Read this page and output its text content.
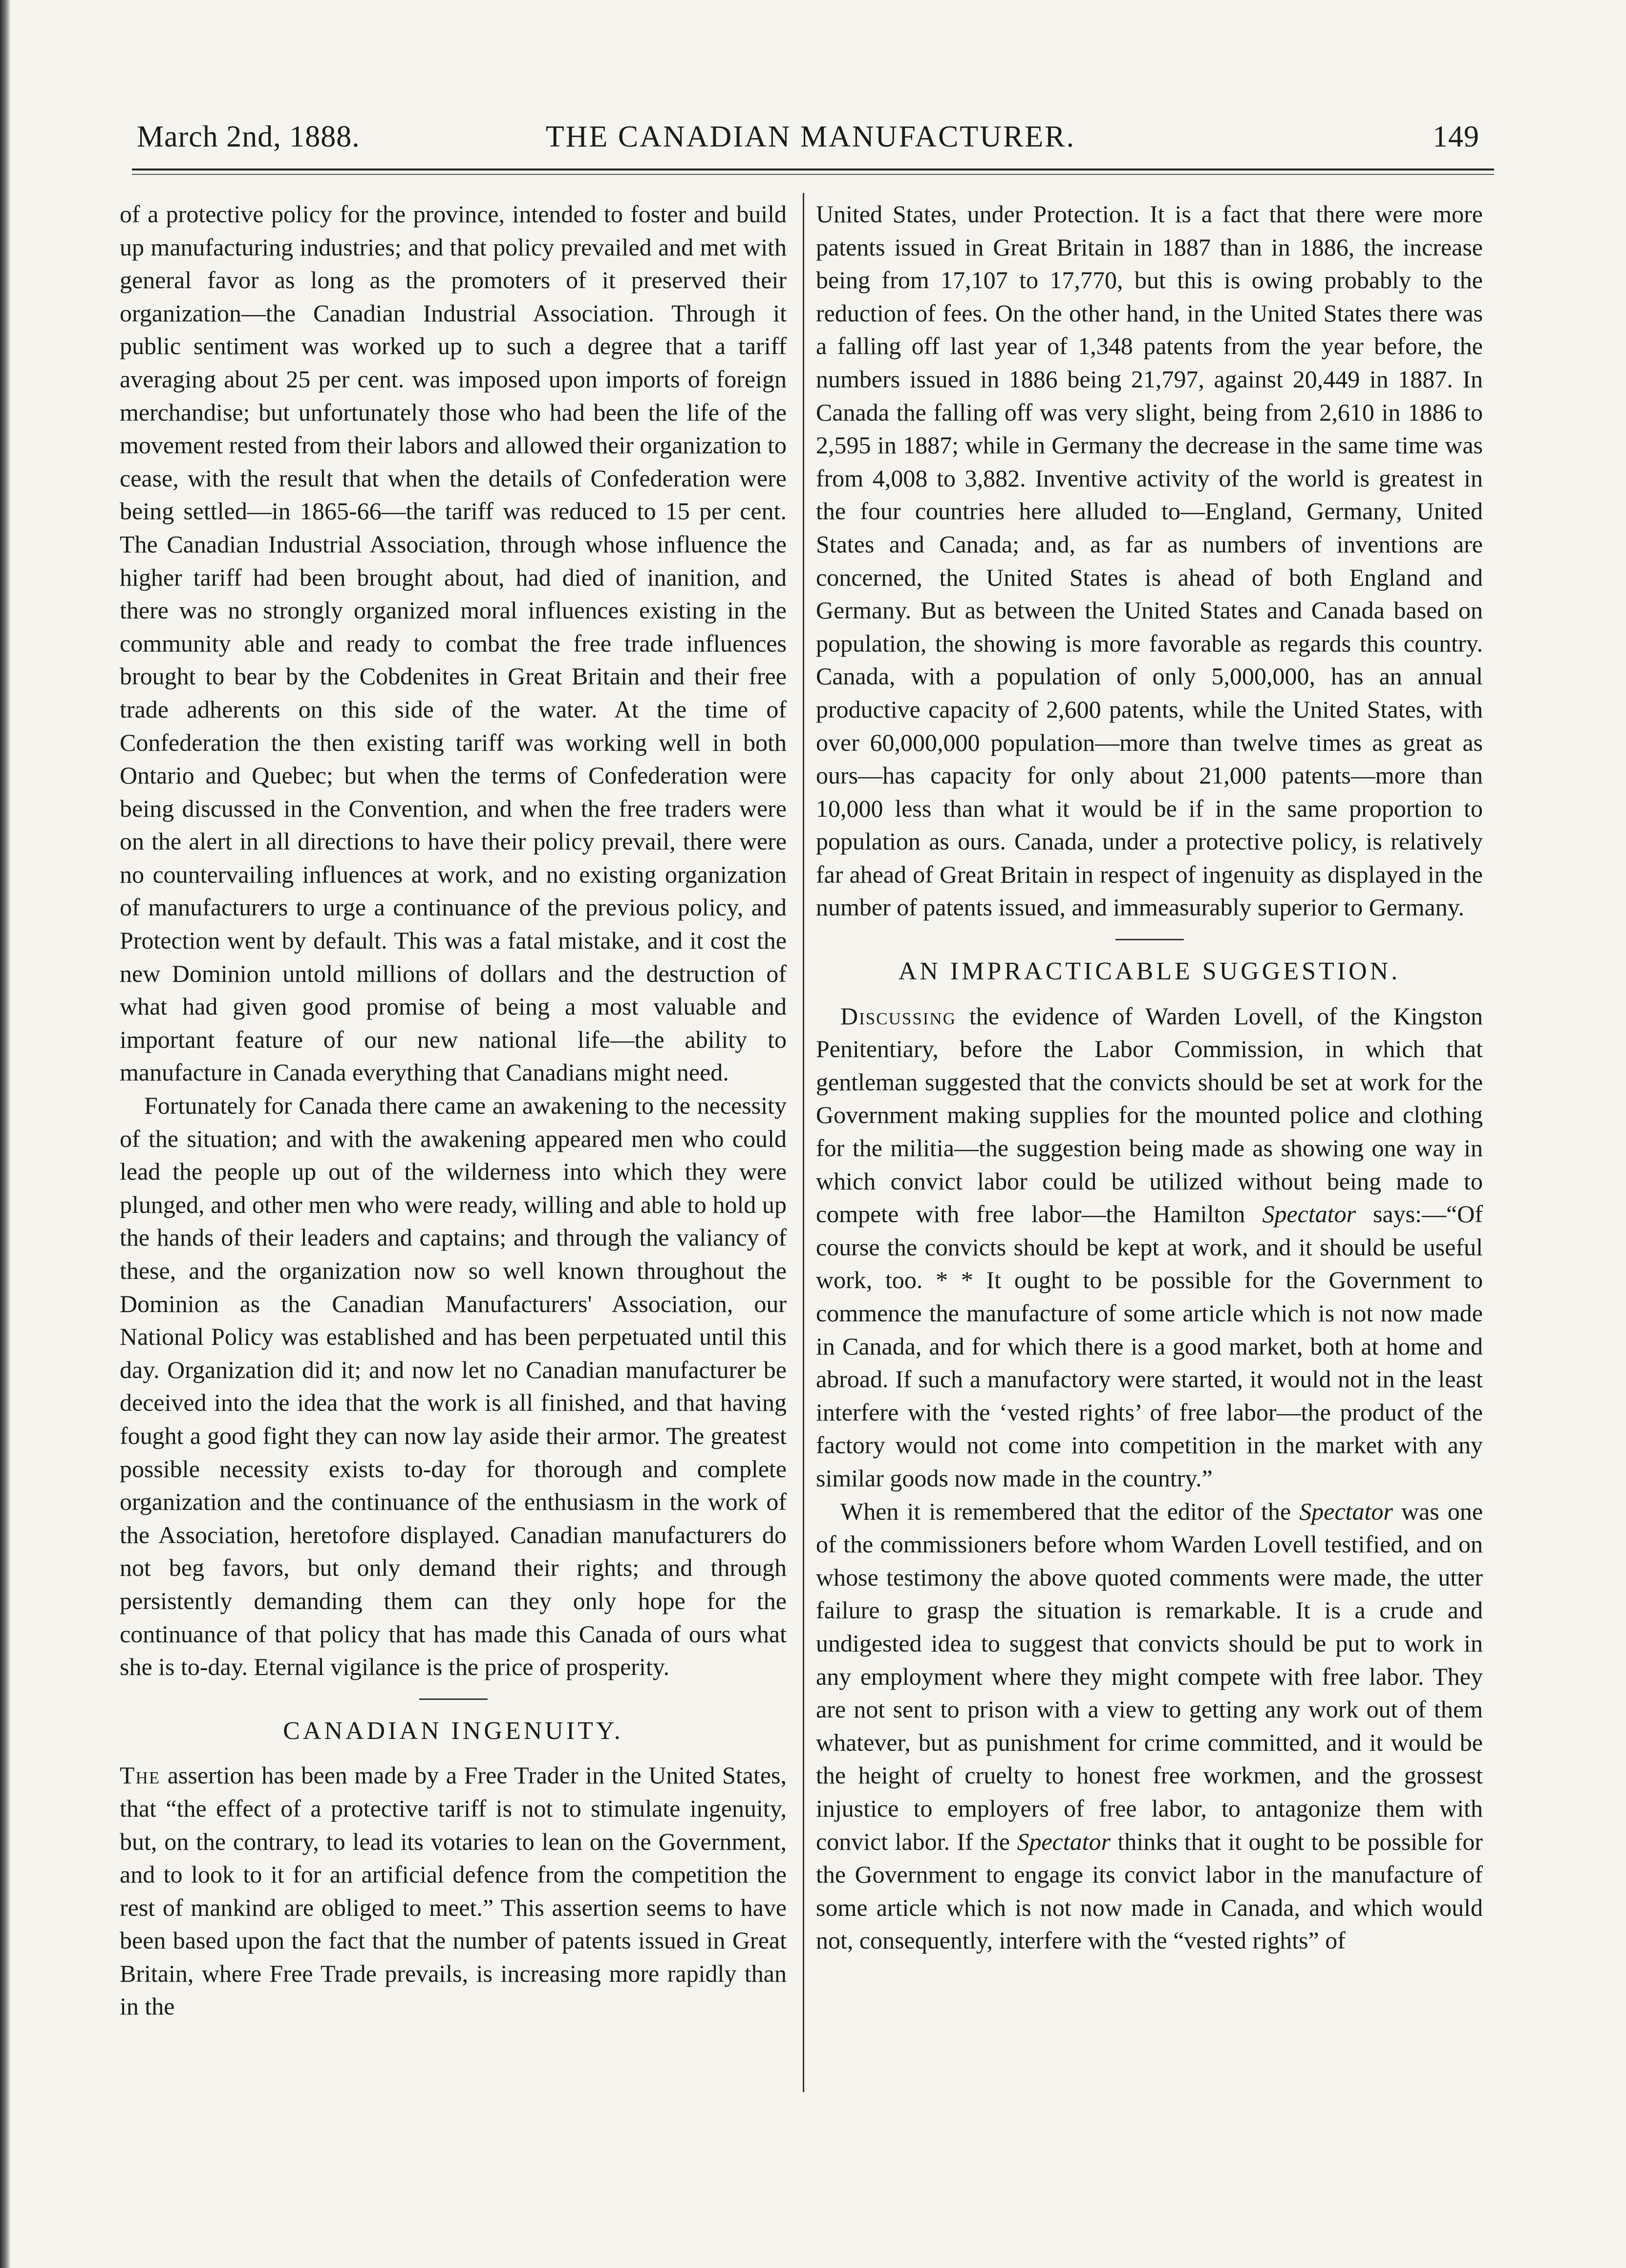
March 2nd, 1888.	THE CANADIAN MANUFACTURER.	149

of a protective policy for the province, intended to foster and build up manufacturing industries; and that policy prevailed and met with general favor as long as the promoters of it preserved their organization—the Canadian Industrial Association. Through it public sentiment was worked up to such a degree that a tariff averaging about 25 per cent. was imposed upon imports of foreign merchandise; but unfortunately those who had been the life of the movement rested from their labors and allowed their organization to cease, with the result that when the details of Confederation were being settled—in 1865-66—the tariff was reduced to 15 per cent. The Canadian Industrial Association, through whose influence the higher tariff had been brought about, had died of inanition, and there was no strongly organized moral influences existing in the community able and ready to combat the free trade influences brought to bear by the Cobdenites in Great Britain and their free trade adherents on this side of the water. At the time of Confederation the then existing tariff was working well in both Ontario and Quebec; but when the terms of Confederation were being discussed in the Convention, and when the free traders were on the alert in all directions to have their policy prevail, there were no countervailing influences at work, and no existing organization of manufacturers to urge a continuance of the previous policy, and Protection went by default. This was a fatal mistake, and it cost the new Dominion untold millions of dollars and the destruction of what had given good promise of being a most valuable and important feature of our new national life—the ability to manufacture in Canada everything that Canadians might need.

Fortunately for Canada there came an awakening to the necessity of the situation; and with the awakening appeared men who could lead the people up out of the wilderness into which they were plunged, and other men who were ready, willing and able to hold up the hands of their leaders and captains; and through the valiancy of these, and the organization now so well known throughout the Dominion as the Canadian Manufacturers' Association, our National Policy was established and has been perpetuated until this day. Organization did it; and now let no Canadian manufacturer be deceived into the idea that the work is all finished, and that having fought a good fight they can now lay aside their armor. The greatest possible necessity exists to-day for thorough and complete organization and the continuance of the enthusiasm in the work of the Association, heretofore displayed. Canadian manufacturers do not beg favors, but only demand their rights; and through persistently demanding them can they only hope for the continuance of that policy that has made this Canada of ours what she is to-day. Eternal vigilance is the price of prosperity.

CANADIAN INGENUITY.

The assertion has been made by a Free Trader in the United States, that “the effect of a protective tariff is not to stimulate ingenuity, but, on the contrary, to lead its votaries to lean on the Government, and to look to it for an artificial defence from the competition the rest of mankind are obliged to meet.” This assertion seems to have been based upon the fact that the number of patents issued in Great Britain, where Free Trade prevails, is increasing more rapidly than in the

United States, under Protection. It is a fact that there were more patents issued in Great Britain in 1887 than in 1886, the increase being from 17,107 to 17,770, but this is owing probably to the reduction of fees. On the other hand, in the United States there was a falling off last year of 1,348 patents from the year before, the numbers issued in 1886 being 21,797, against 20,449 in 1887. In Canada the falling off was very slight, being from 2,610 in 1886 to 2,595 in 1887; while in Germany the decrease in the same time was from 4,008 to 3,882. Inventive activity of the world is greatest in the four countries here alluded to—England, Germany, United States and Canada; and, as far as numbers of inventions are concerned, the United States is ahead of both England and Germany. But as between the United States and Canada based on population, the showing is more favorable as regards this country. Canada, with a population of only 5,000,000, has an annual productive capacity of 2,600 patents, while the United States, with over 60,000,000 population—more than twelve times as great as ours—has capacity for only about 21,000 patents—more than 10,000 less than what it would be if in the same proportion to population as ours. Canada, under a protective policy, is relatively far ahead of Great Britain in respect of ingenuity as displayed in the number of patents issued, and immeasurably superior to Germany.

AN IMPRACTICABLE SUGGESTION.

Discussing the evidence of Warden Lovell, of the Kingston Penitentiary, before the Labor Commission, in which that gentleman suggested that the convicts should be set at work for the Government making supplies for the mounted police and clothing for the militia—the suggestion being made as showing one way in which convict labor could be utilized without being made to compete with free labor—the Hamilton Spectator says:—“Of course the convicts should be kept at work, and it should be useful work, too. * * It ought to be possible for the Government to commence the manufacture of some article which is not now made in Canada, and for which there is a good market, both at home and abroad. If such a manufactory were started, it would not in the least interfere with the ‘vested rights’ of free labor—the product of the factory would not come into competition in the market with any similar goods now made in the country.”

When it is remembered that the editor of the Spectator was one of the commissioners before whom Warden Lovell testified, and on whose testimony the above quoted comments were made, the utter failure to grasp the situation is remarkable. It is a crude and undigested idea to suggest that convicts should be put to work in any employment where they might compete with free labor. They are not sent to prison with a view to getting any work out of them whatever, but as punishment for crime committed, and it would be the height of cruelty to honest free workmen, and the grossest injustice to employers of free labor, to antagonize them with convict labor. If the Spectator thinks that it ought to be possible for the Government to engage its convict labor in the manufacture of some article which is not now made in Canada, and which would not, consequently, interfere with the “vested rights” of
